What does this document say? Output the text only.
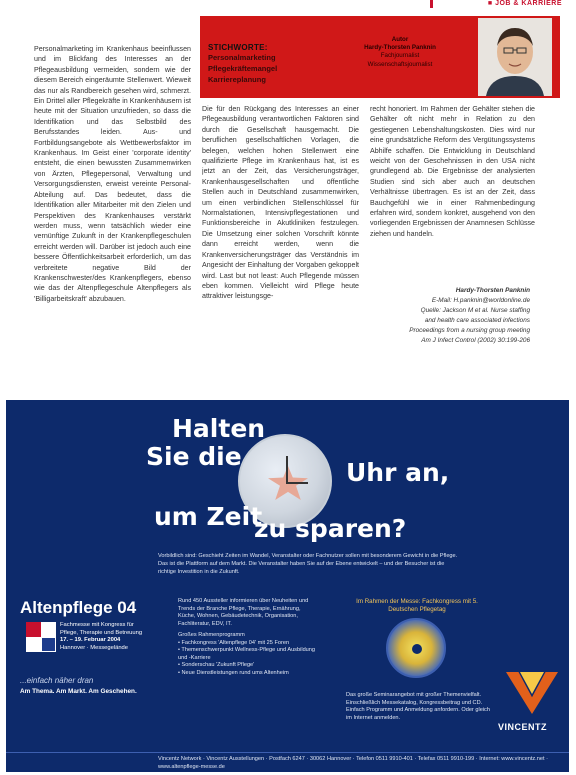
■ JOB & KARRIERE
STICHWORTE:
Personalmarketing
Pflegekräftemangel
Karriereplanung
Autor
Hardy-Thorsten Panknin
Fachjournalist
Wissenschaftsjournalist

Personalmarketing im Krankenhaus beeinflussen und im Blickfang des Interesses an der Pflegeausbildung vermeiden, sondern wie der diesem Bereich eingeräumte Stellenwert. Wieweit das nur als Randbereich gesehen wird, schmerzt. Ein Drittel aller Pflegekräfte in Krankenhäusern ist heute mit der Situation unzufrieden, so dass die Identifikation und das Selbstbild des Berufsstandes leiden. Aus- und Fortbildungsangebote als Wettbewerbsfaktor im Krankenhaus. Im Geist einer 'corporate identity' entsteht, die einen bewussten Zusammenwirken von Ärzten, Pflegepersonal, Verwaltung und Versorgungsdiensten, erweist vereinte Personal-Abteilung auf. Das bedeutet, dass die Identifikation aller Mitarbeiter mit den Zielen und Perspektiven des Krankenhauses verstärkt werden muss, wenn tatsächlich wieder eine vernünftige Zukunft in der Krankenpflegeschulen erreicht werden will. Darüber ist jedoch auch eine bessere Öffentlichkeitsarbeit erforderlich, um das verbreitete negative Bild der Krankenschwester/des Krankenpflegers, ebenso wie das der Altenpflegeschule Altenpflegers als 'Billigarbeitskraft' abzubauen.

Die für den Rückgang des Interesses an einer Pflegeausbildung verantwortlichen Faktoren sind durch die Gesellschaft hausgemacht. Die beruflichen gesellschaftlichen Vorlagen, die belegen, welchen hohen Stellenwert eine qualifizierte Pflege im Krankenhaus hat, ist es jetzt an der Zeit, das Versicherungsträger, Krankenhausgesellschaften und öffentliche Stellen auch in Deutschland zusammenwirken, um einen verbindlichen Stellenschlüssel für Normalstationen, Intensivpflegestationen und Funktionsbereiche in Akutkliniken festzulegen. Die Umsetzung einer solchen Vorschrift könnte dann erreicht werden, wenn die Krankenversicherungsträger das Verständnis im Angesicht der Einhaltung der Vorgaben gekoppelt wird. Last but not least: Auch Pflegende müssen eben kommen. Vielleicht wird Pflege heute attraktiver leistungsge-

recht honoriert. Im Rahmen der Gehälter stehen die Gehälter oft nicht mehr in Relation zu den gestiegenen Lebenshaltungskosten. Dies wird nur eine grundsätzliche Reform des Vergütungssystems Abhilfe schaffen. Die Entwicklung in Deutschland weicht von der Geschehnissen in den USA nicht grundlegend ab. Die Ergebnisse der analysierten Studien sind sich aber auch an deutschen Verhältnisse übertragen. Es ist an der Zeit, dass Bauchgefühl wie in einer Rahmenbedingung erfahren wird, sondern konkret, ausgehend von den vorliegenden Ergebnissen der Anamnesen Schlüsse ziehen und handeln.

Hardy-Thorsten Panknin
E-Mail: H.panknin@worldonline.de
Quelle: Jackson M et al. Nurse staffing
and health care associated infections
Proceedings from a nursing group meeting
Am J Infect Control (2002) 30:199-206
Halten
Sie die
Uhr an,
um Zeit
zu sparen?
Vorbildlich sind: Geschieht Zeiten im Wandel, Veranstalter oder Fachnutzer sollen mit besonderem Gewicht in die Pflege. Das ist die Plattform auf dem Markt. Die Veranstalter haben Sie auf der Ebene entwickelt – und der Besucher ist die richtige Investition in die Zukunft.
Altenpflege 04
Fachmesse mit Kongress für
Pflege, Therapie und Betreuung
17. – 19. Februar 2004
Hannover · Messegelände
...einfach näher dran
Am Thema. Am Markt. Am Geschehen.
Rund 450 Aussteller informieren über Neuheiten und Trends der Branche Pflege, Therapie, Ernährung, Küche, Wohnen, Gebäudetechnik, Organisation, Fachliteratur, EDV, IT.
Großes Rahmenprogramm
• Fachkongress 'Altenpflege 04' mit 25 Foren
• Themenschwerpunkt Wellness-Pflege und Ausbildung und -Karriere
• Sonderschau 'Zukunft Pflege'
• Neue Dienstleistungen rund ums Altenheim
Im Rahmen der Messe: Fachkongress mit 5. Deutschen Pflegetag
Das große Seminarangebot mit großer Themenvielfalt. Einschließlich Messekatalog, Kongressbeitrag und CD. Einfach Programm und Anmeldung anfordern. Oder gleich im Internet anmelden.
VINCENTZ
Vincentz Network · Vincentz Ausstellungen · Postfach 6247 · 30062 Hannover · Telefon 0511 9910-401 · Telefax 0511 9910-199 · Internet: www.vincentz.net · www.altenpflege-messe.de
